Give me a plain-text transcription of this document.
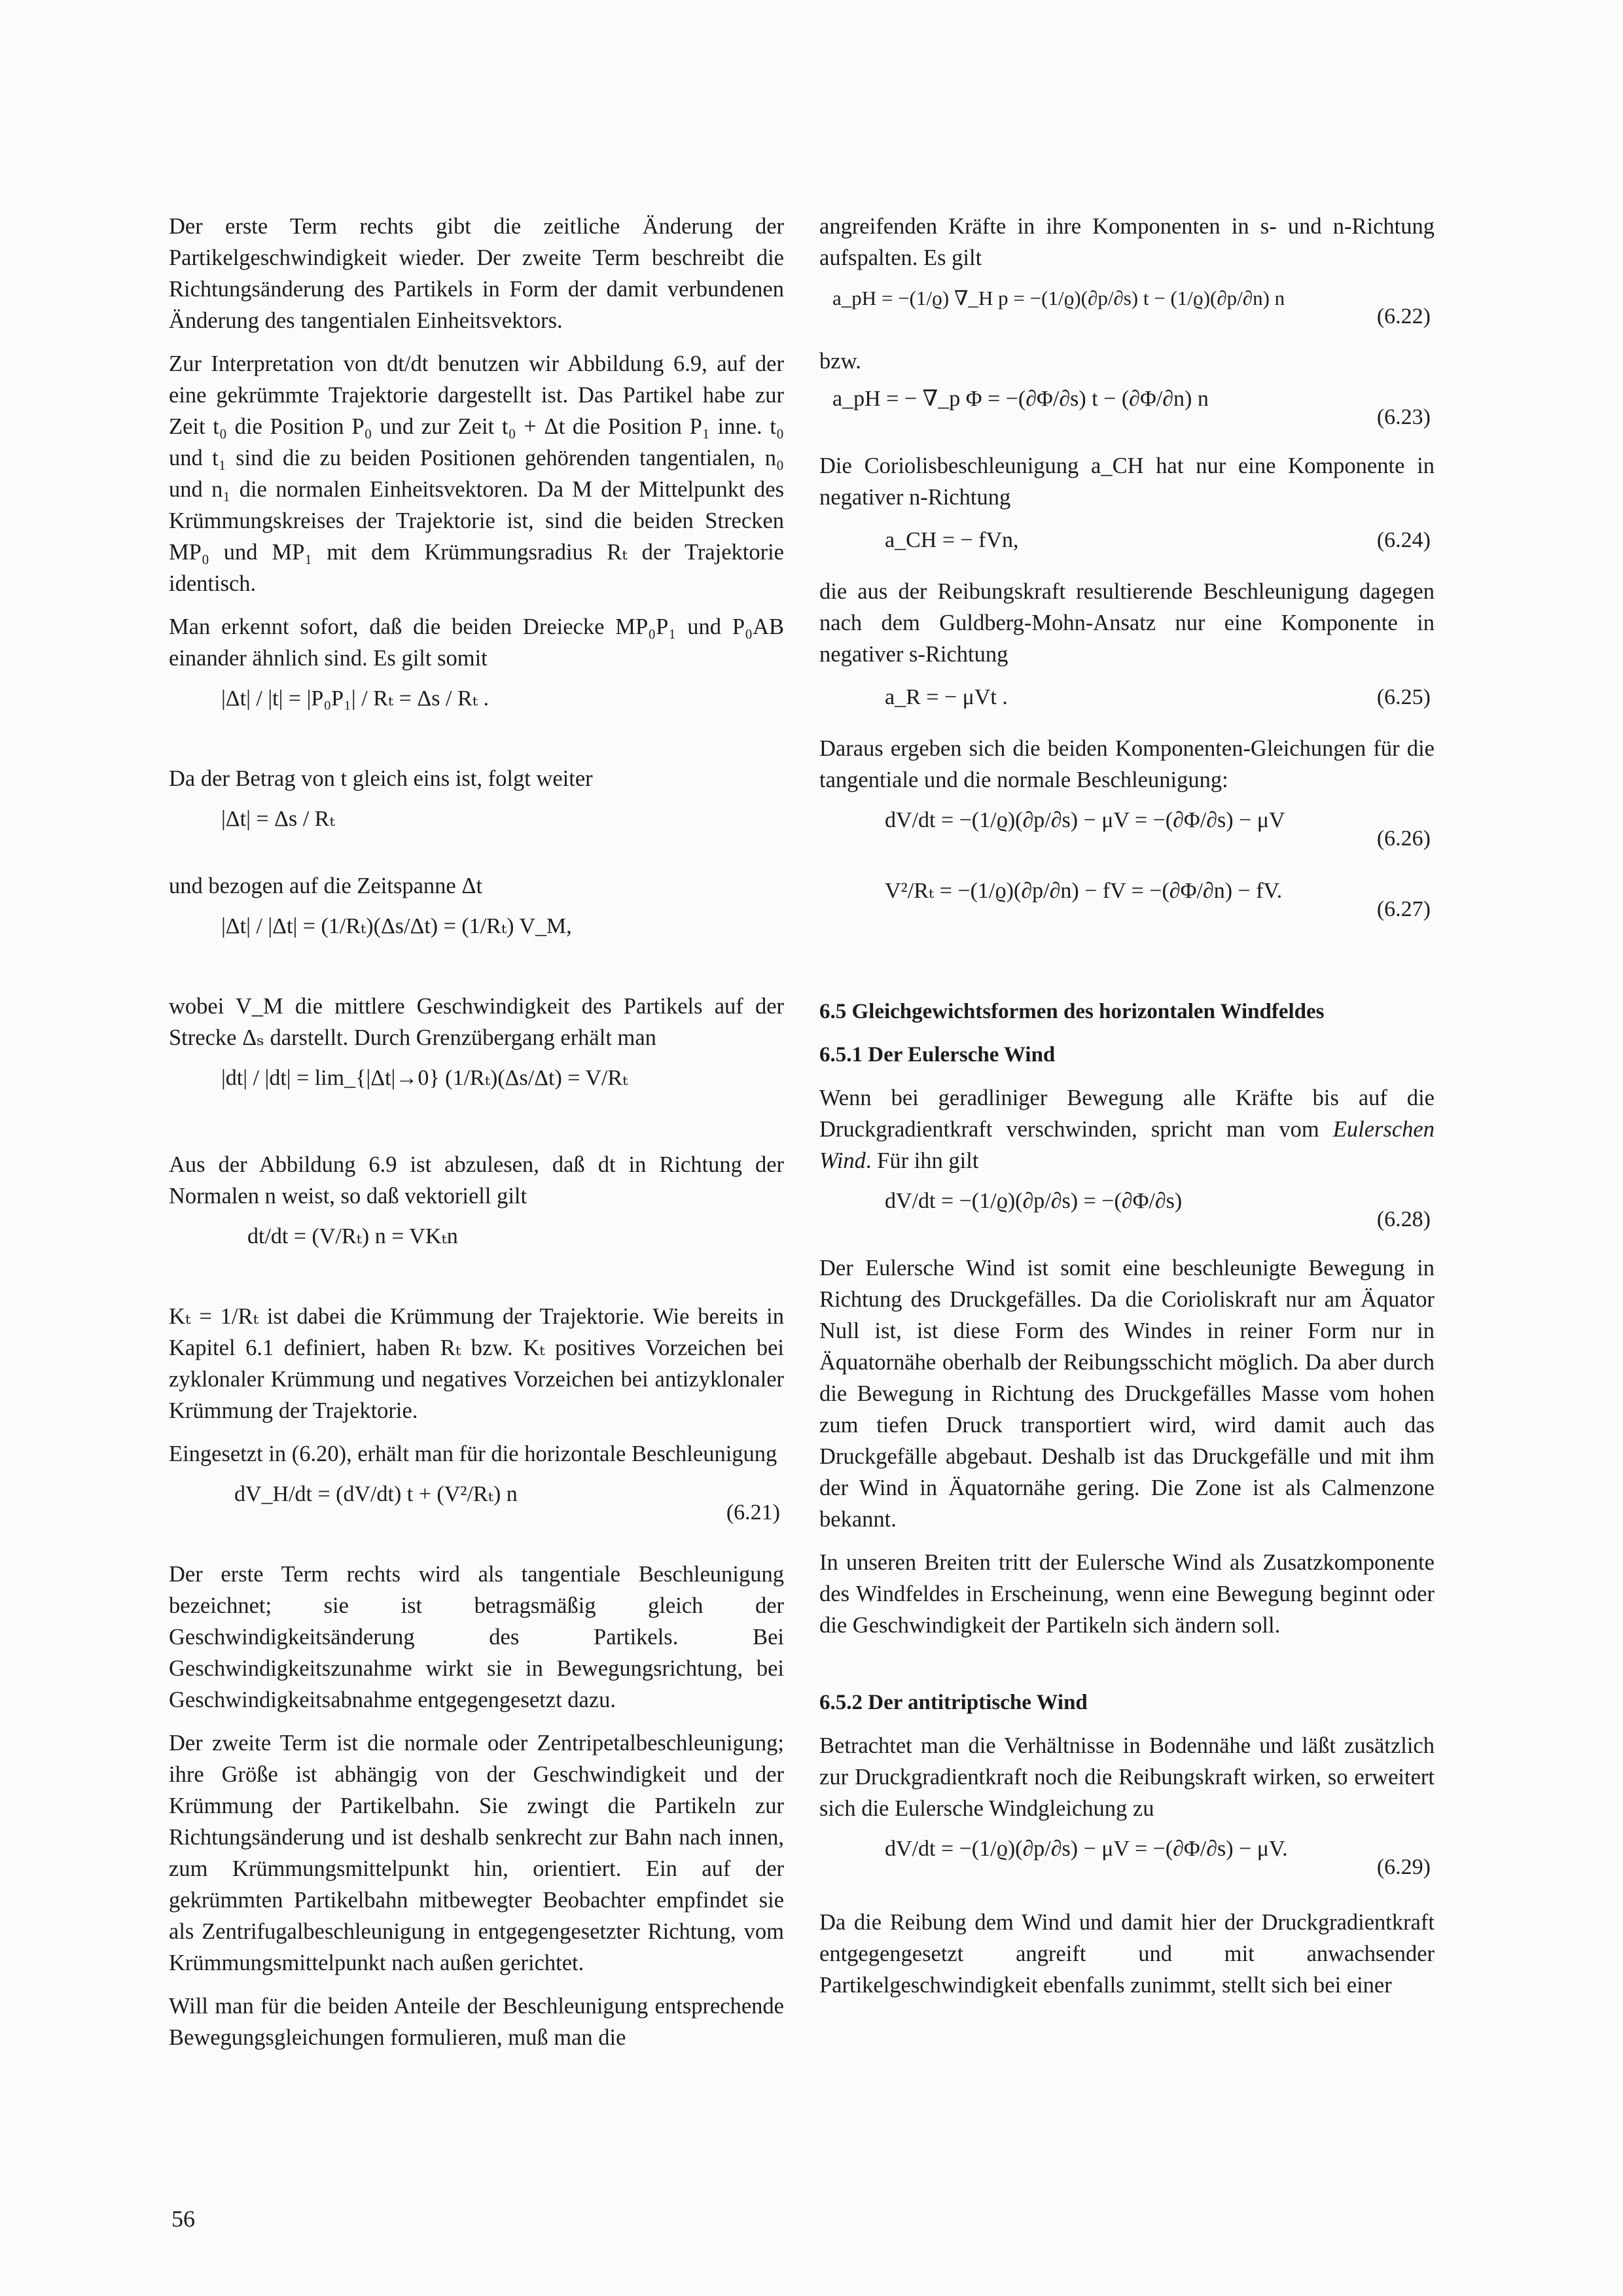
Der erste Term rechts gibt die zeitliche Änderung der Partikelgeschwindigkeit wieder. Der zweite Term beschreibt die Richtungsänderung des Partikels in Form der damit verbundenen Änderung des tangentialen Einheitsvektors.

Zur Interpretation von dt/dt benutzen wir Abbildung 6.9, auf der eine gekrümmte Trajektorie dargestellt ist. Das Partikel habe zur Zeit t₀ die Position P₀ und zur Zeit t₀ + Δt die Position P₁ inne. t₀ und t₁ sind die zu beiden Positionen gehörenden tangentialen, n₀ und n₁ die normalen Einheitsvektoren. Da M der Mittelpunkt des Krümmungskreises der Trajektorie ist, sind die beiden Strecken MP₀ und MP₁ mit dem Krümmungsradius Rₜ der Trajektorie identisch.

Man erkennt sofort, daß die beiden Dreiecke MP₀P₁ und P₀AB einander ähnlich sind. Es gilt somit

|Δt| / |t| = |P₀P₁| / Rₜ = Δs / Rₜ .

Da der Betrag von t gleich eins ist, folgt weiter

|Δt| = Δs / Rₜ

und bezogen auf die Zeitspanne Δt

|Δt| / |Δt| = (1/Rₜ)(Δs/Δt) = (1/Rₜ) V_M,

wobei V_M die mittlere Geschwindigkeit des Partikels auf der Strecke Δₛ darstellt. Durch Grenzübergang erhält man

|dt| / |dt| = lim_{|Δt|→0} (1/Rₜ)(Δs/Δt) = V/Rₜ

Aus der Abbildung 6.9 ist abzulesen, daß dt in Richtung der Normalen n weist, so daß vektoriell gilt

dt/dt = (V/Rₜ) n = VKₜn

Kₜ = 1/Rₜ ist dabei die Krümmung der Trajektorie. Wie bereits in Kapitel 6.1 definiert, haben Rₜ bzw. Kₜ positives Vorzeichen bei zyklonaler Krümmung und negatives Vorzeichen bei antizyklonaler Krümmung der Trajektorie.

Eingesetzt in (6.20), erhält man für die horizontale Beschleunigung

dV_H/dt = (dV/dt) t + (V²/Rₜ) n
(6.21)

Der erste Term rechts wird als tangentiale Beschleunigung bezeichnet; sie ist betragsmäßig gleich der Geschwindigkeitsänderung des Partikels. Bei Geschwindigkeitszunahme wirkt sie in Bewegungsrichtung, bei Geschwindigkeitsabnahme entgegengesetzt dazu.

Der zweite Term ist die normale oder Zentripetalbeschleunigung; ihre Größe ist abhängig von der Geschwindigkeit und der Krümmung der Partikelbahn. Sie zwingt die Partikeln zur Richtungsänderung und ist deshalb senkrecht zur Bahn nach innen, zum Krümmungsmittelpunkt hin, orientiert. Ein auf der gekrümmten Partikelbahn mitbewegter Beobachter empfindet sie als Zentrifugalbeschleunigung in entgegengesetzter Richtung, vom Krümmungsmittelpunkt nach außen gerichtet.

Will man für die beiden Anteile der Beschleunigung entsprechende Bewegungsgleichungen formulieren, muß man die

angreifenden Kräfte in ihre Komponenten in s- und n-Richtung aufspalten. Es gilt

a_pH = −(1/ϱ) ∇_H p = −(1/ϱ)(∂p/∂s) t − (1/ϱ)(∂p/∂n) n
(6.22)

bzw.

a_pH = − ∇_p Φ = −(∂Φ/∂s) t − (∂Φ/∂n) n
(6.23)

Die Coriolisbeschleunigung a_CH hat nur eine Komponente in negativer n-Richtung

a_CH = − fVn,	(6.24)

die aus der Reibungskraft resultierende Beschleunigung dagegen nach dem Guldberg-Mohn-Ansatz nur eine Komponente in negativer s-Richtung

a_R = − μVt .	(6.25)

Daraus ergeben sich die beiden Komponenten-Gleichungen für die tangentiale und die normale Beschleunigung:

dV/dt = −(1/ϱ)(∂p/∂s) − μV = −(∂Φ/∂s) − μV
(6.26)
V²/Rₜ = −(1/ϱ)(∂p/∂n) − fV = −(∂Φ/∂n) − fV.
(6.27)
6.5 Gleichgewichtsformen des horizontalen Windfeldes
6.5.1 Der Eulersche Wind

Wenn bei geradliniger Bewegung alle Kräfte bis auf die Druckgradientkraft verschwinden, spricht man vom Eulerschen Wind. Für ihn gilt

dV/dt = −(1/ϱ)(∂p/∂s) = −(∂Φ/∂s)
(6.28)

Der Eulersche Wind ist somit eine beschleunigte Bewegung in Richtung des Druckgefälles. Da die Corioliskraft nur am Äquator Null ist, ist diese Form des Windes in reiner Form nur in Äquatornähe oberhalb der Reibungsschicht möglich. Da aber durch die Bewegung in Richtung des Druckgefälles Masse vom hohen zum tiefen Druck transportiert wird, wird damit auch das Druckgefälle abgebaut. Deshalb ist das Druckgefälle und mit ihm der Wind in Äquatornähe gering. Die Zone ist als Calmenzone bekannt.

In unseren Breiten tritt der Eulersche Wind als Zusatzkomponente des Windfeldes in Erscheinung, wenn eine Bewegung beginnt oder die Geschwindigkeit der Partikeln sich ändern soll.

6.5.2 Der antitriptische Wind

Betrachtet man die Verhältnisse in Bodennähe und läßt zusätzlich zur Druckgradientkraft noch die Reibungskraft wirken, so erweitert sich die Eulersche Windgleichung zu

dV/dt = −(1/ϱ)(∂p/∂s) − μV = −(∂Φ/∂s) − μV.
(6.29)

Da die Reibung dem Wind und damit hier der Druckgradientkraft entgegengesetzt angreift und mit anwachsender Partikelgeschwindigkeit ebenfalls zunimmt, stellt sich bei einer

56
